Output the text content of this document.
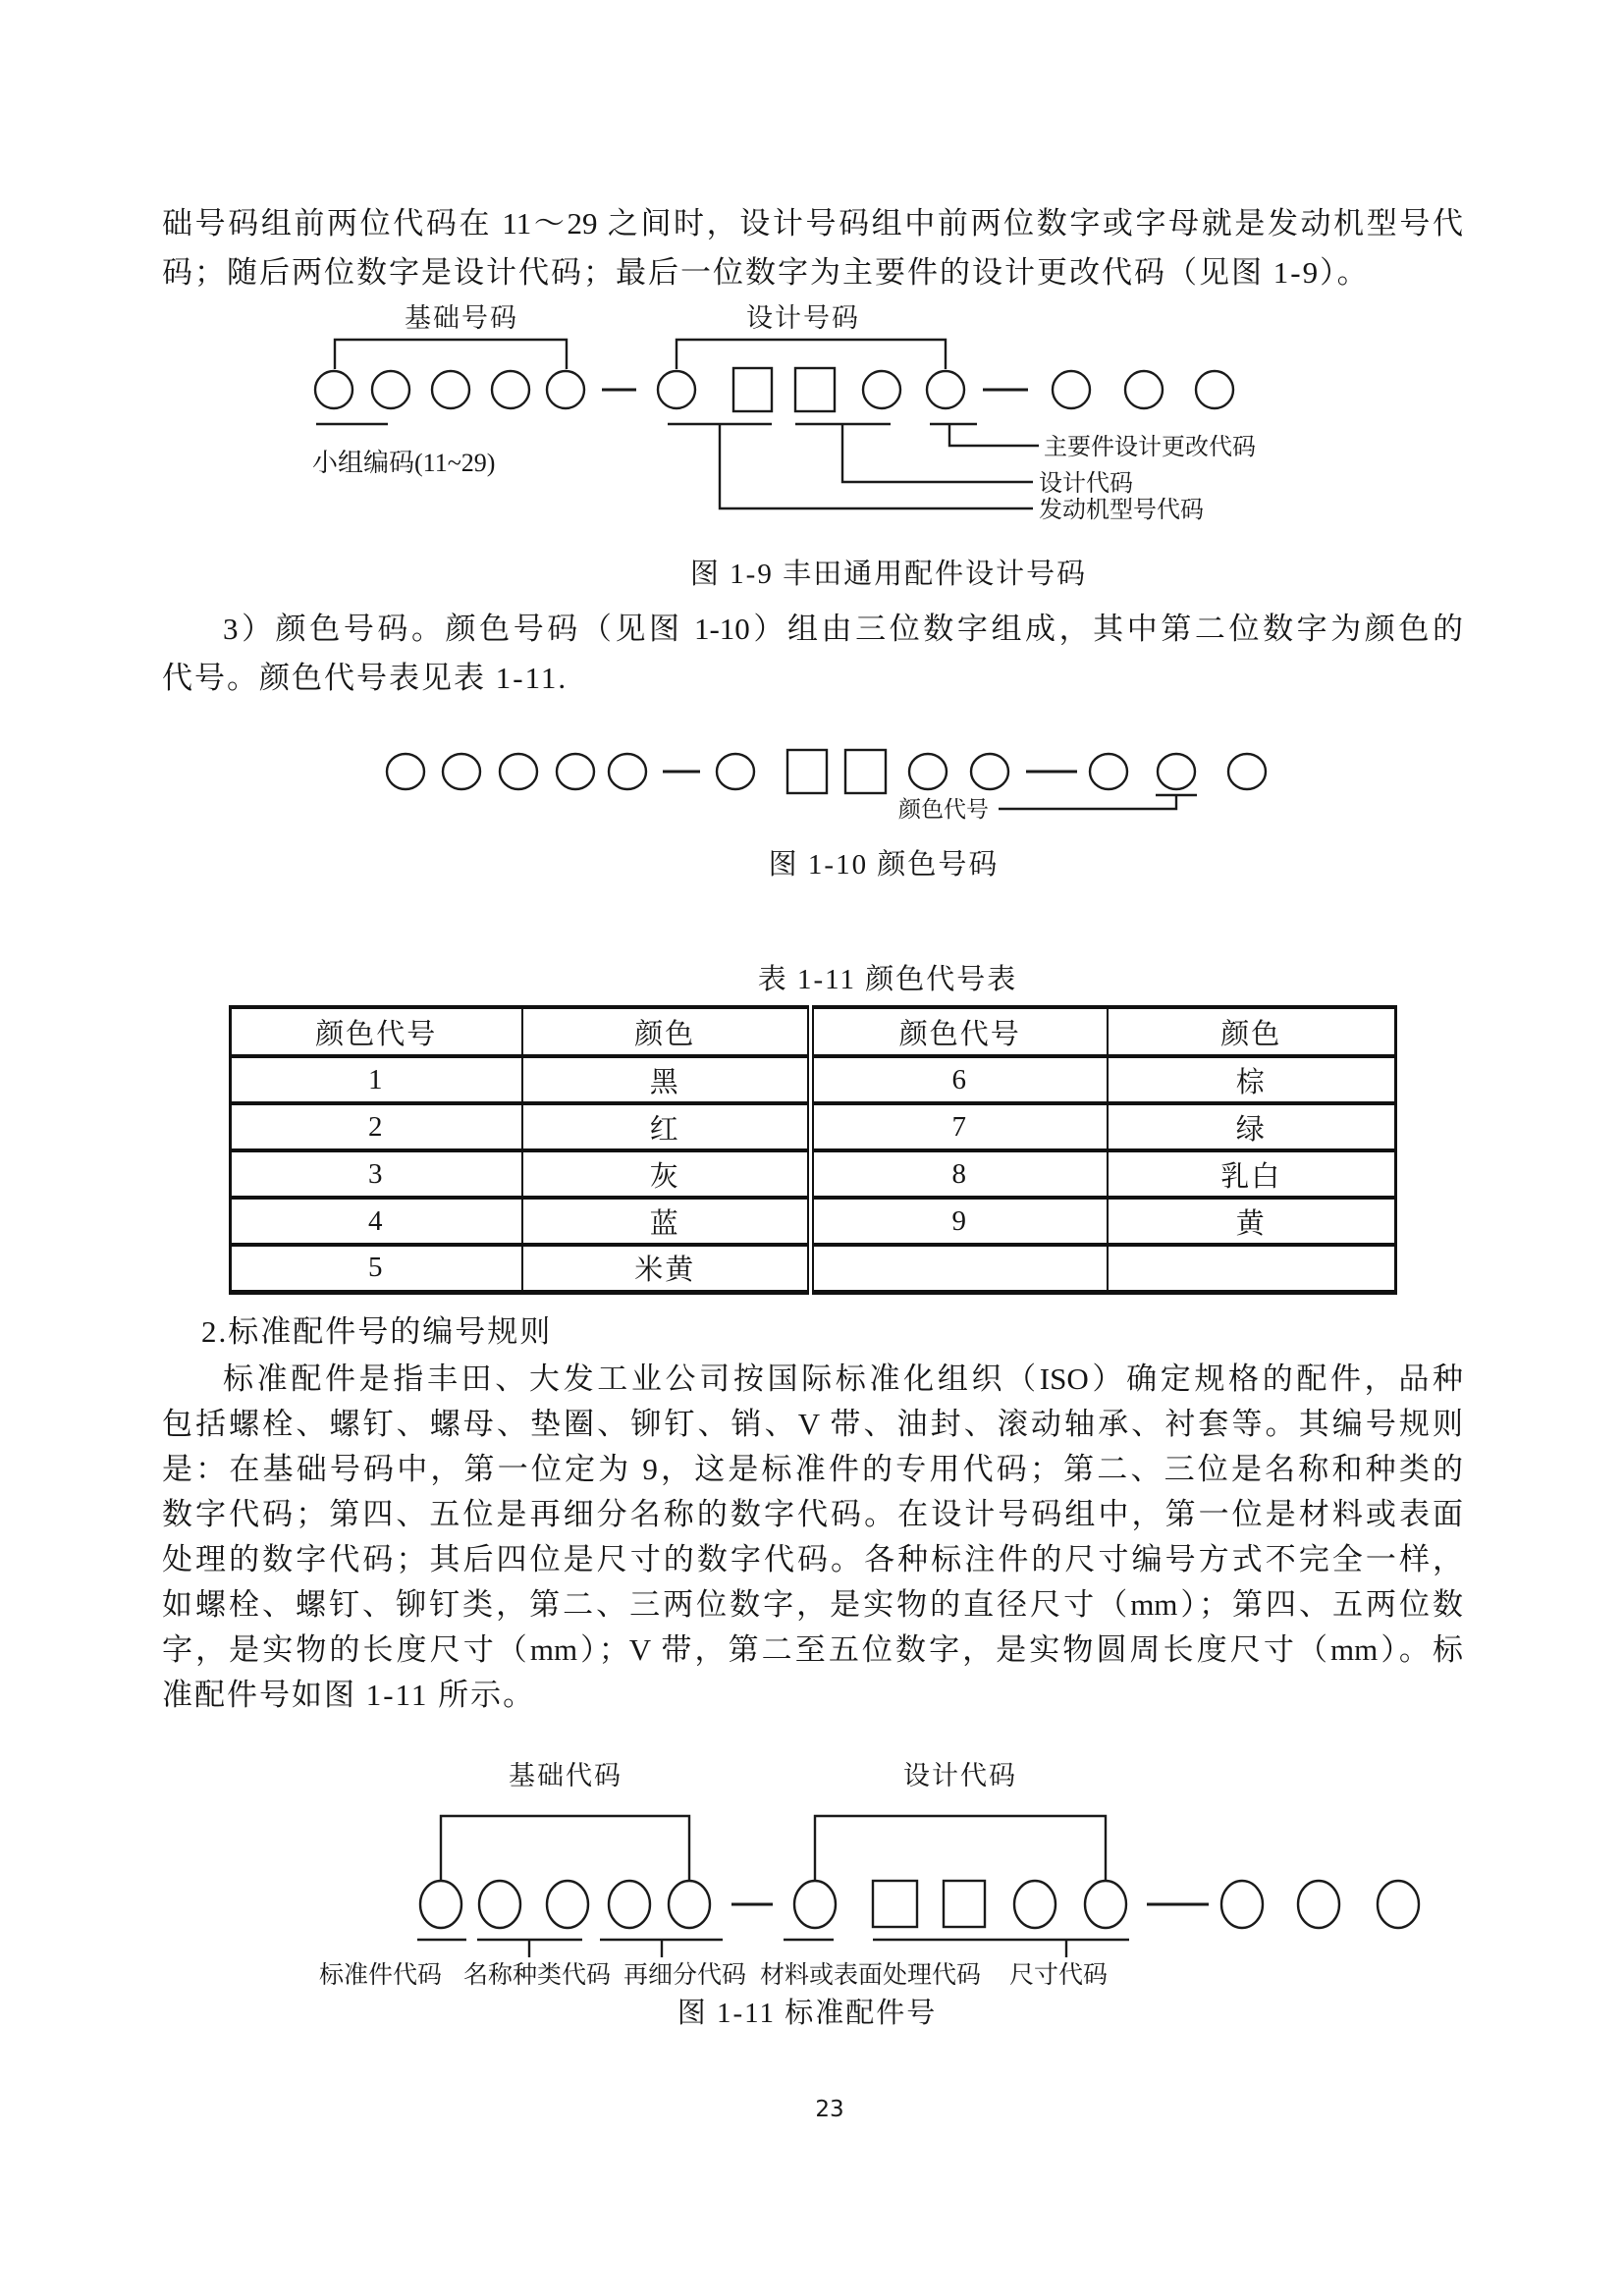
础号码组前两位代码在 11～29 之间时，设计号码组中前两位数字或字母就是发动机型号代
码；随后两位数字是设计代码；最后一位数字为主要件的设计更改代码（见图 1-9）。
基础号码	设计号码
小组编码(11~29)
主要件设计更改代码
设计代码
发动机型号代码
图 1-9 丰田通用配件设计号码
3）颜色号码。颜色号码（见图 1-10）组由三位数字组成，其中第二位数字为颜色的
代号。颜色代号表见表 1-11.
颜色代号
图 1-10 颜色号码
表 1-11 颜色代号表
颜色代号	颜色	颜色代号	颜色
1	黑	6	棕
2	红	7	绿
3	灰	8	乳白
4	蓝	9	黄
5	米黄		
2.标准配件号的编号规则
标准配件是指丰田、大发工业公司按国际标准化组织（ISO）确定规格的配件，品种
包括螺栓、螺钉、螺母、垫圈、铆钉、销、V 带、油封、滚动轴承、衬套等。其编号规则
是：在基础号码中，第一位定为 9，这是标准件的专用代码；第二、三位是名称和种类的
数字代码；第四、五位是再细分名称的数字代码。在设计号码组中，第一位是材料或表面
处理的数字代码；其后四位是尺寸的数字代码。各种标注件的尺寸编号方式不完全一样，
如螺栓、螺钉、铆钉类，第二、三两位数字，是实物的直径尺寸（mm）；第四、五两位数
字，是实物的长度尺寸（mm）；V 带，第二至五位数字，是实物圆周长度尺寸（mm）。标
准配件号如图 1-11 所示。
基础代码	设计代码
标准件代码 名称种类代码 再细分代码 材料或表面处理代码 尺寸代码
图 1-11 标准配件号
23
